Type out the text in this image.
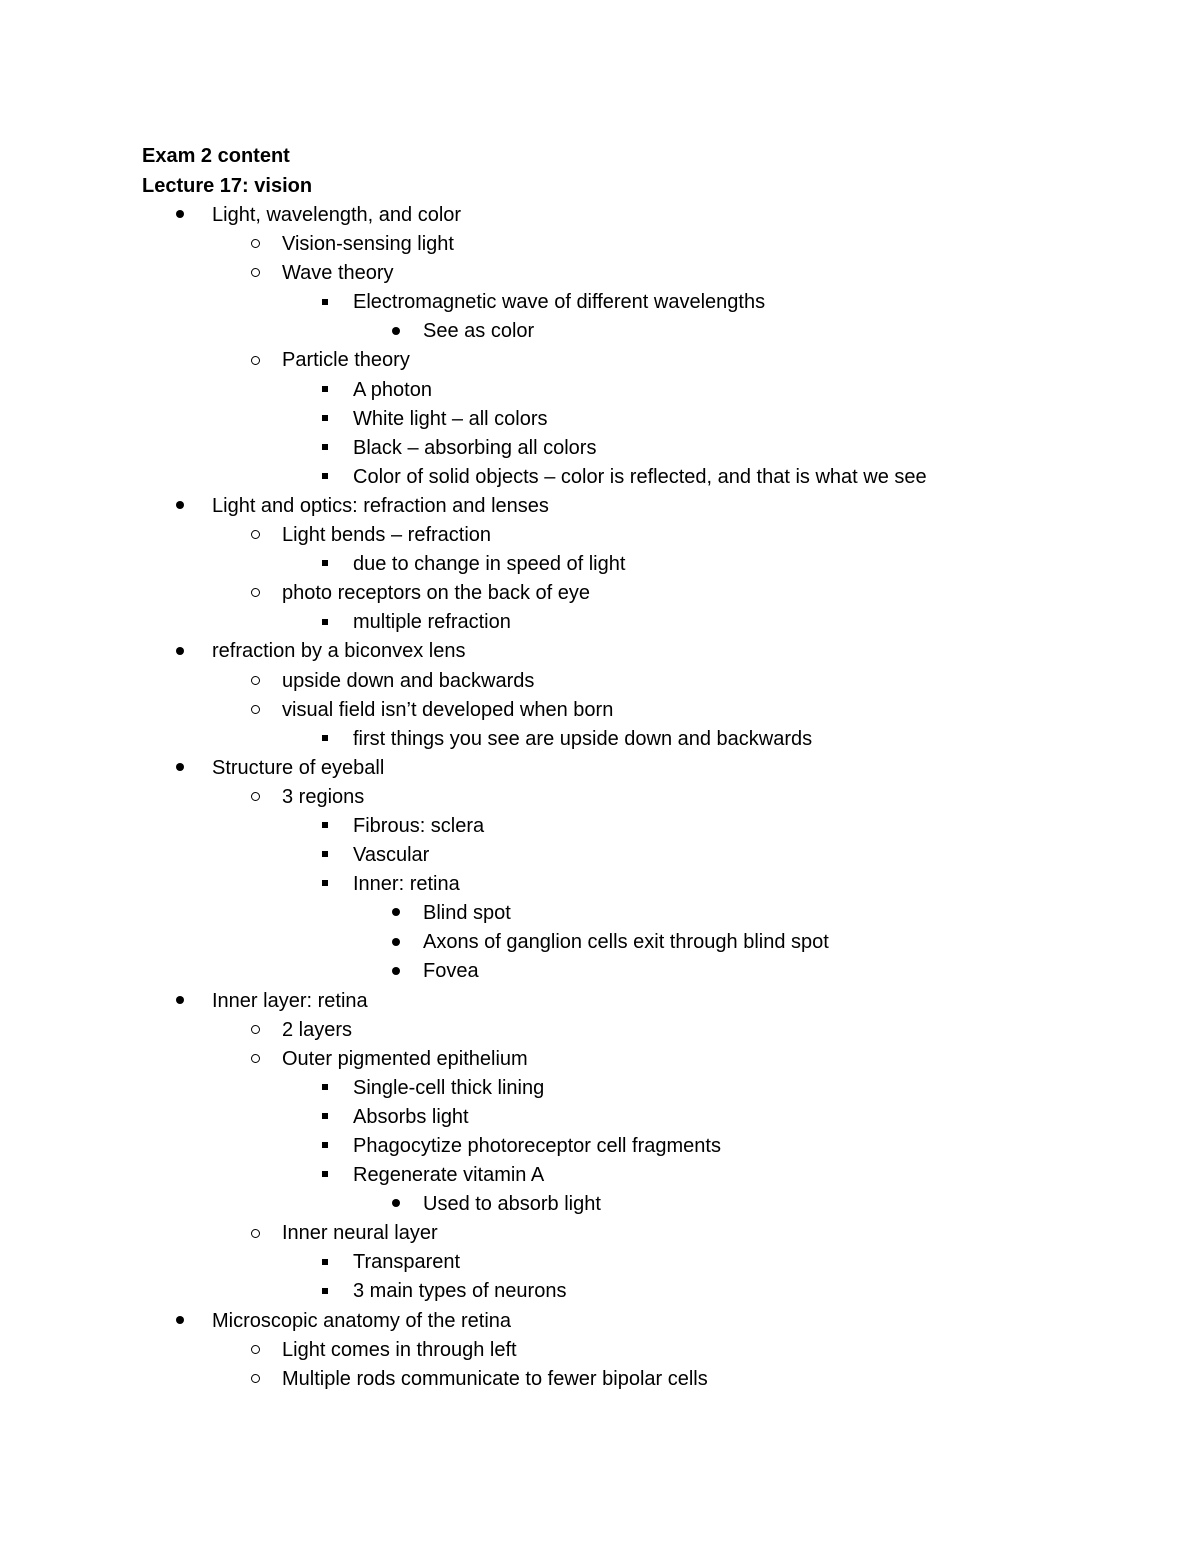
Exam 2 content
Lecture 17: vision
Light, wavelength, and color
Vision-sensing light
Wave theory
Electromagnetic wave of different wavelengths
See as color
Particle theory
A photon
White light – all colors
Black – absorbing all colors
Color of solid objects – color is reflected, and that is what we see
Light and optics: refraction and lenses
Light bends – refraction
due to change in speed of light
photo receptors on the back of eye
multiple refraction
refraction by a biconvex lens
upside down and backwards
visual field isn’t developed when born
first things you see are upside down and backwards
Structure of eyeball
3 regions
Fibrous: sclera
Vascular
Inner: retina
Blind spot
Axons of ganglion cells exit through blind spot
Fovea
Inner layer: retina
2 layers
Outer pigmented epithelium
Single-cell thick lining
Absorbs light
Phagocytize photoreceptor cell fragments
Regenerate vitamin A
Used to absorb light
Inner neural layer
Transparent
3 main types of neurons
Microscopic anatomy of the retina
Light comes in through left
Multiple rods communicate to fewer bipolar cells
